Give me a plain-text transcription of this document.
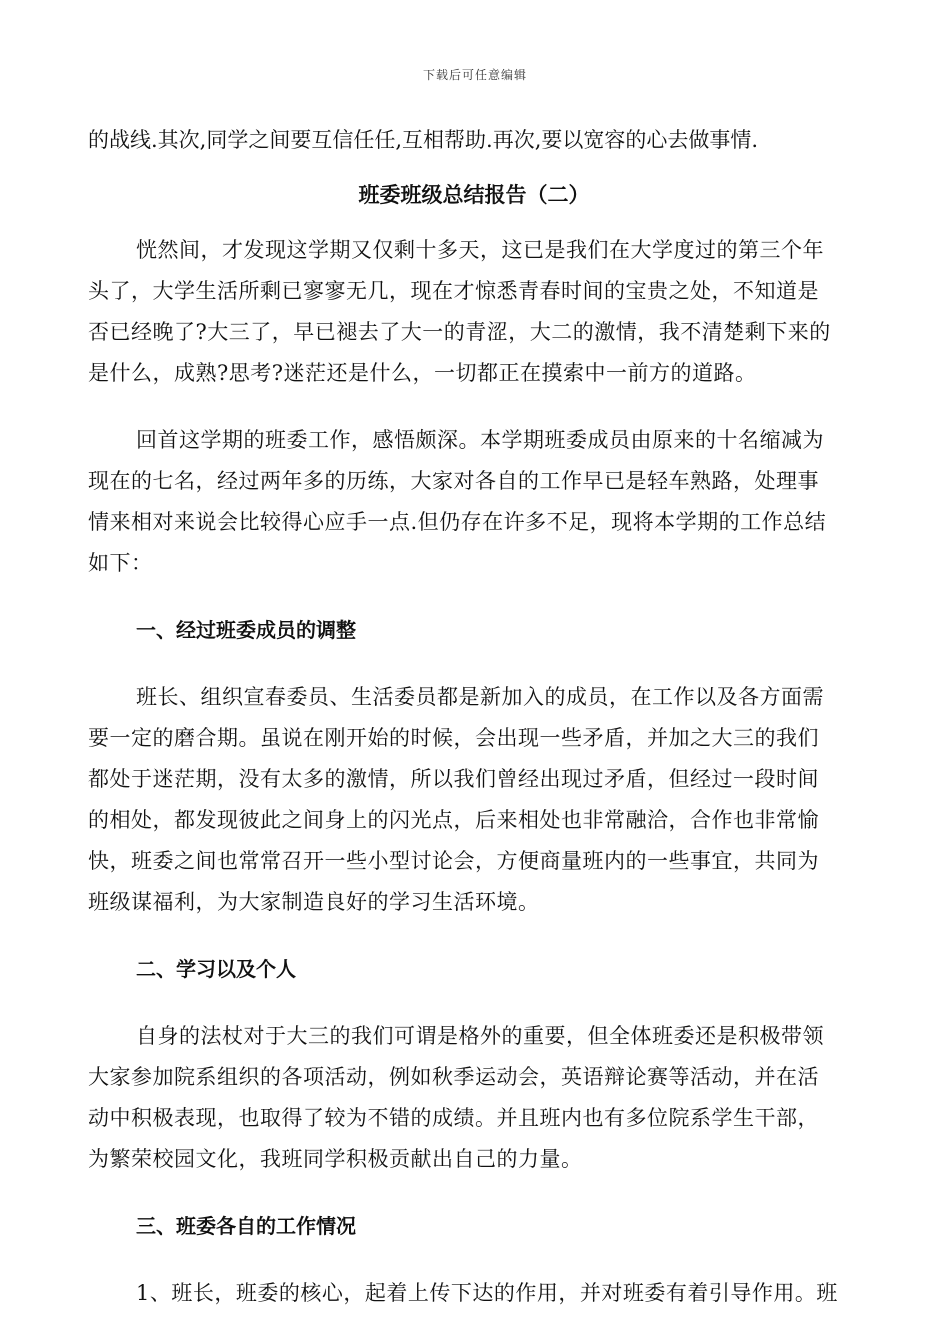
下载后可任意编辑
的战线.其次,同学之间要互信任任,互相帮助.再次,要以宽容的心去做事情.
班委班级总结报告（二）
恍然间，才发现这学期又仅剩十多天，这已是我们在大学度过的第三个年
头了，大学生活所剩已寥寥无几，现在才惊悉青春时间的宝贵之处，不知道是
否已经晚了?大三了，早已褪去了大一的青涩，大二的激情，我不清楚剩下来的
是什么，成熟?思考?迷茫还是什么，一切都正在摸索中一前方的道路。
回首这学期的班委工作，感悟颇深。本学期班委成员由原来的十名缩减为
现在的七名，经过两年多的历练，大家对各自的工作早已是轻车熟路，处理事
情来相对来说会比较得心应手一点.但仍存在许多不足，现将本学期的工作总结
如下：
一、经过班委成员的调整
班长、组织宣春委员、生活委员都是新加入的成员，在工作以及各方面需
要一定的磨合期。虽说在刚开始的时候，会出现一些矛盾，并加之大三的我们
都处于迷茫期，没有太多的激情，所以我们曾经出现过矛盾，但经过一段时间
的相处，都发现彼此之间身上的闪光点，后来相处也非常融洽，合作也非常愉
快，班委之间也常常召开一些小型讨论会，方便商量班内的一些事宜，共同为
班级谋福利，为大家制造良好的学习生活环境。
二、学习以及个人
自身的法杖对于大三的我们可谓是格外的重要，但全体班委还是积极带领
大家参加院系组织的各项活动，例如秋季运动会，英语辩论赛等活动，并在活
动中积极表现，也取得了较为不错的成绩。并且班内也有多位院系学生干部，
为繁荣校园文化，我班同学积极贡献出自己的力量。
三、班委各自的工作情况
1、班长，班委的核心，起着上传下达的作用，并对班委有着引导作用。班
